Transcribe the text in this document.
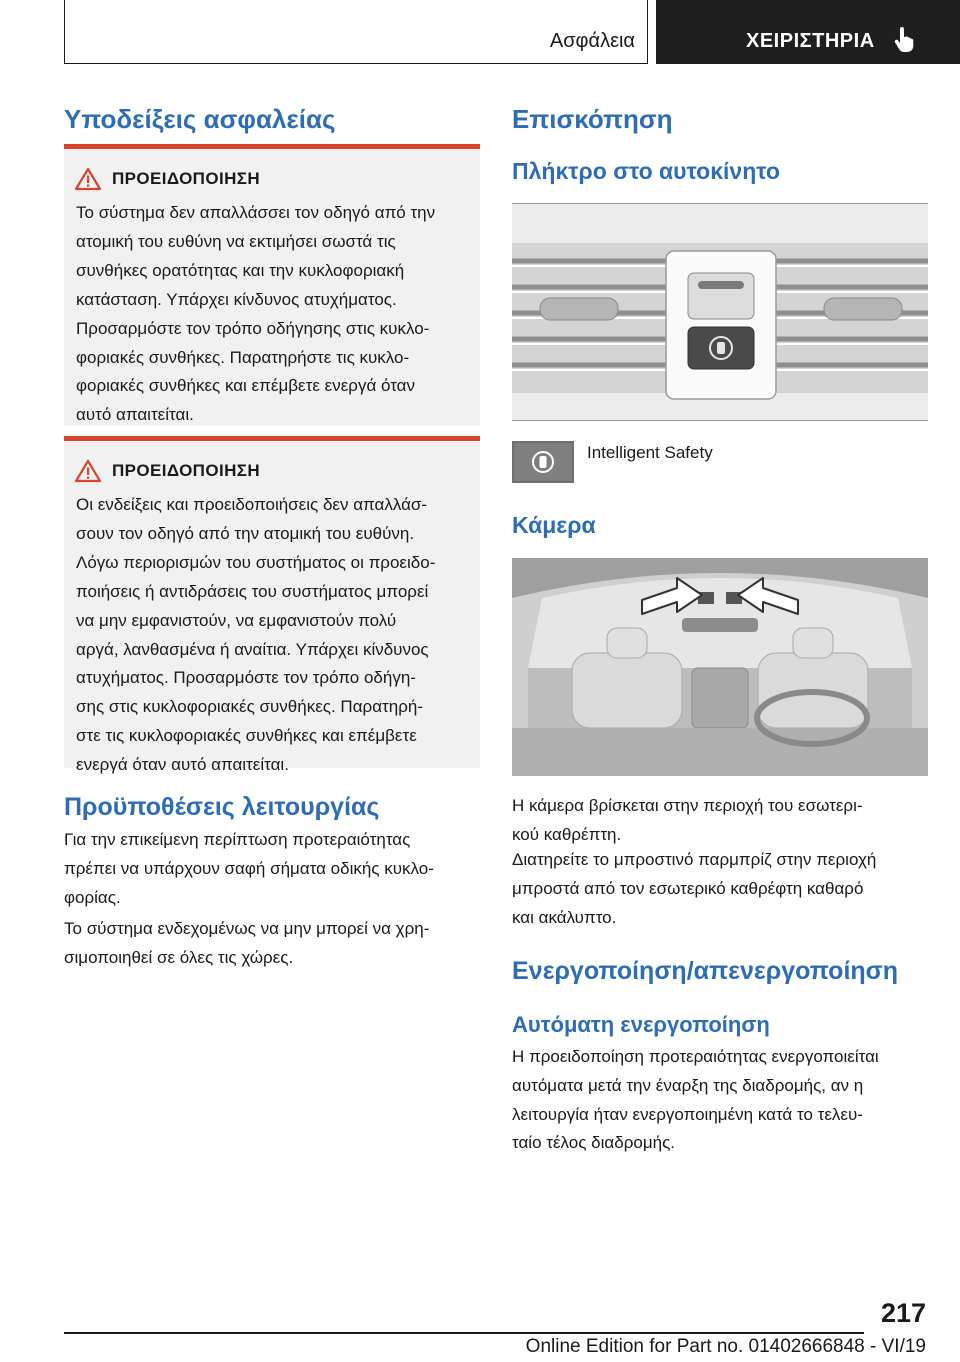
Ασφάλεια	ΧΕΙΡΙΣΤΗΡΙΑ
Υποδείξεις ασφαλείας
ΠΡΟΕΙΔΟΠΟΙΗΣΗ
Το σύστημα δεν απαλλάσσει τον οδηγό από την
ατομική του ευθύνη να εκτιμήσει σωστά τις
συνθήκες ορατότητας και την κυκλοφοριακή
κατάσταση. Υπάρχει κίνδυνος ατυχήματος.
Προσαρμόστε τον τρόπο οδήγησης στις κυκλο-
φοριακές συνθήκες. Παρατηρήστε τις κυκλο-
φοριακές συνθήκες και επέμβετε ενεργά όταν
αυτό απαιτείται.
ΠΡΟΕΙΔΟΠΟΙΗΣΗ
Οι ενδείξεις και προειδοποιήσεις δεν απαλλάσ-
σουν τον οδηγό από την ατομική του ευθύνη.
Λόγω περιορισμών του συστήματος οι προειδο-
ποιήσεις ή αντιδράσεις του συστήματος μπορεί
να μην εμφανιστούν, να εμφανιστούν πολύ
αργά, λανθασμένα ή αναίτια. Υπάρχει κίνδυνος
ατυχήματος. Προσαρμόστε τον τρόπο οδήγη-
σης στις κυκλοφοριακές συνθήκες. Παρατηρή-
στε τις κυκλοφοριακές συνθήκες και επέμβετε
ενεργά όταν αυτό απαιτείται.
Προϋποθέσεις λειτουργίας
Για την επικείμενη περίπτωση προτεραιότητας
πρέπει να υπάρχουν σαφή σήματα οδικής κυκλο-
φορίας.
Το σύστημα ενδεχομένως να μην μπορεί να χρη-
σιμοποιηθεί σε όλες τις χώρες.
Επισκόπηση
Πλήκτρο στο αυτοκίνητο
Intelligent Safety
Κάμερα
Η κάμερα βρίσκεται στην περιοχή του εσωτερι-
κού καθρέπτη.
Διατηρείτε το μπροστινό παρμπρίζ στην περιοχή
μπροστά από τον εσωτερικό καθρέφτη καθαρό
και ακάλυπτο.
Ενεργοποίηση/απενεργοποίηση
Αυτόματη ενεργοποίηση
Η προειδοποίηση προτεραιότητας ενεργοποιείται
αυτόματα μετά την έναρξη της διαδρομής, αν η
λειτουργία ήταν ενεργοποιημένη κατά το τελευ-
ταίο τέλος διαδρομής.
217
Online Edition for Part no. 01402666848 - VI/19
